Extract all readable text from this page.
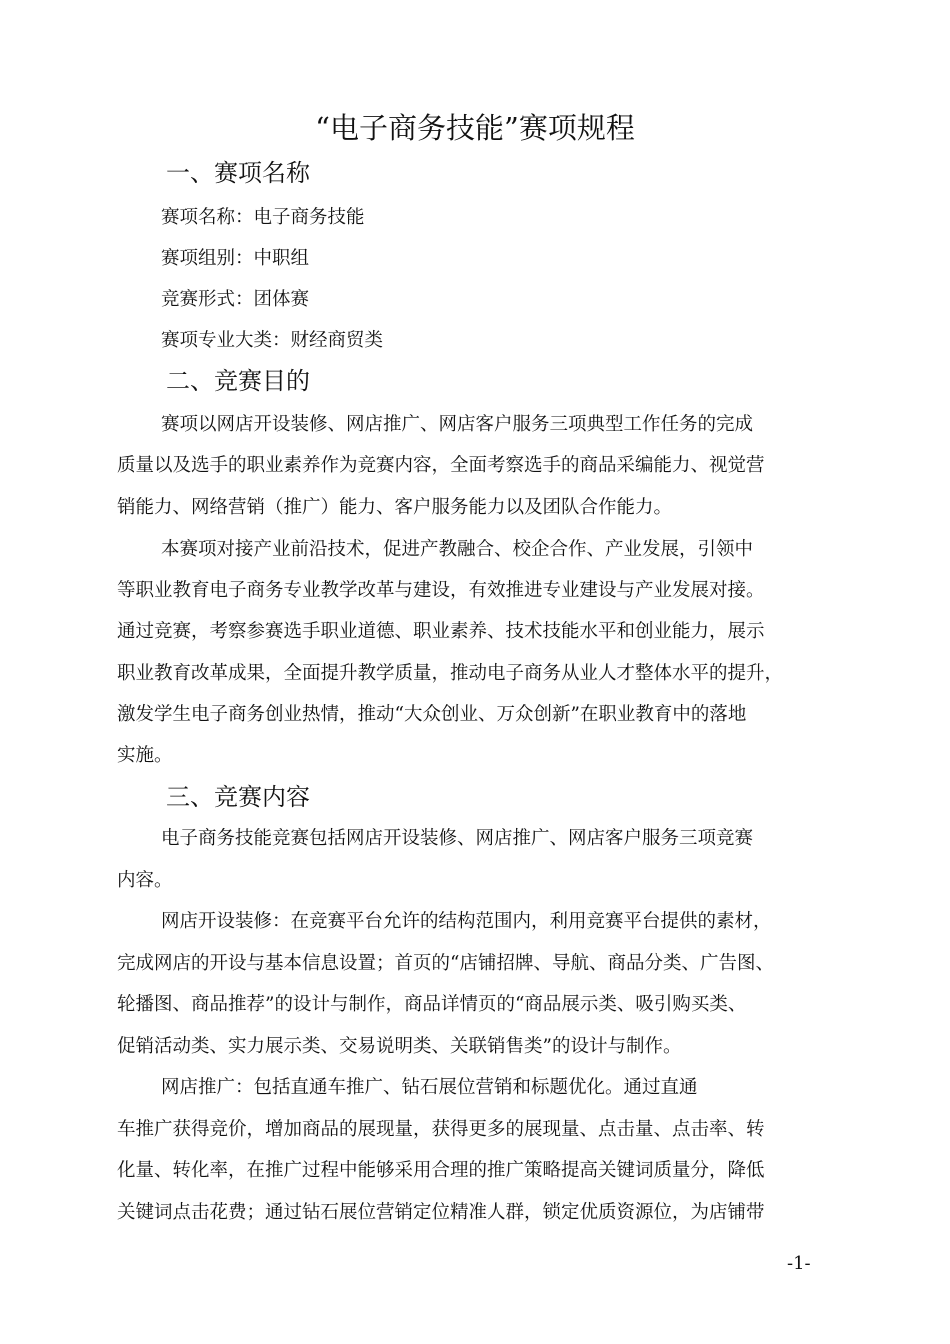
“电子商务技能”赛项规程
一、赛项名称
赛项名称：电子商务技能
赛项组别：中职组
竞赛形式：团体赛
赛项专业大类：财经商贸类
二、竞赛目的
赛项以网店开设装修、网店推广、网店客户服务三项典型工作任务的完成
质量以及选手的职业素养作为竞赛内容，全面考察选手的商品采编能力、视觉营
销能力、网络营销（推广）能力、客户服务能力以及团队合作能力。
本赛项对接产业前沿技术，促进产教融合、校企合作、产业发展，引领中
等职业教育电子商务专业教学改革与建设，有效推进专业建设与产业发展对接。
通过竞赛，考察参赛选手职业道德、职业素养、技术技能水平和创业能力，展示
职业教育改革成果，全面提升教学质量，推动电子商务从业人才整体水平的提升，
激发学生电子商务创业热情，推动“大众创业、万众创新”在职业教育中的落地
实施。
三、竞赛内容
电子商务技能竞赛包括网店开设装修、网店推广、网店客户服务三项竞赛
内容。
网店开设装修：在竞赛平台允许的结构范围内，利用竞赛平台提供的素材，
完成网店的开设与基本信息设置；首页的“店铺招牌、导航、商品分类、广告图、
轮播图、商品推荐”的设计与制作，商品详情页的“商品展示类、吸引购买类、
促销活动类、实力展示类、交易说明类、关联销售类”的设计与制作。
网店推广：包括直通车推广、钻石展位营销和标题优化。通过直通
车推广获得竞价，增加商品的展现量，获得更多的展现量、点击量、点击率、转
化量、转化率，在推广过程中能够采用合理的推广策略提高关键词质量分，降低
关键词点击花费；通过钻石展位营销定位精准人群，锁定优质资源位，为店铺带
-1-
